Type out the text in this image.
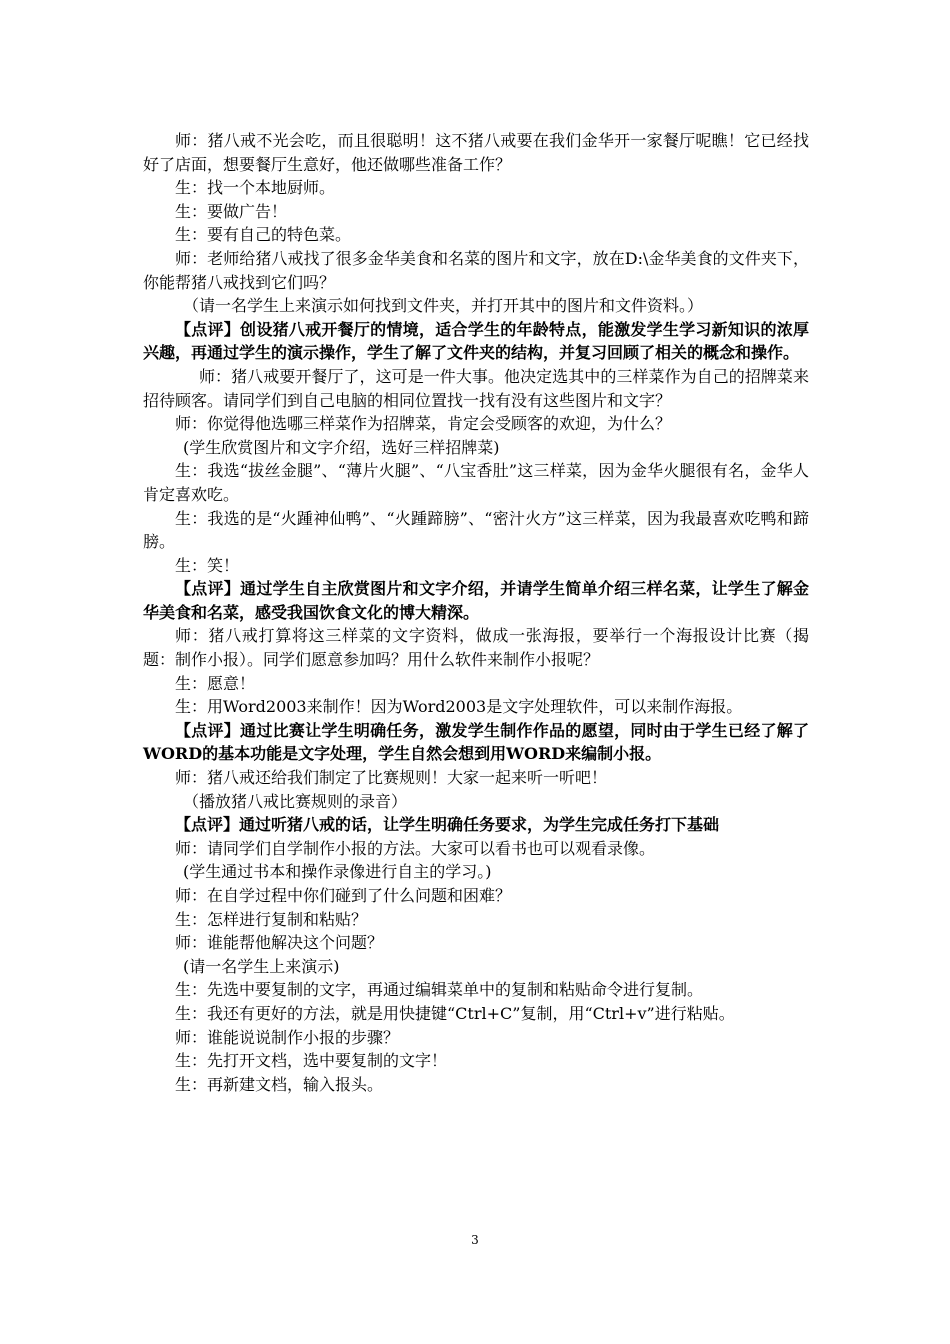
师：猪八戒不光会吃，而且很聪明！这不猪八戒要在我们金华开一家餐厅呢瞧！它已经找好了店面，想要餐厅生意好，他还做哪些准备工作？

生：找一个本地厨师。

生：要做广告！

生：要有自己的特色菜。

师：老师给猪八戒找了很多金华美食和名菜的图片和文字，放在D:\金华美食的文件夹下，你能帮猪八戒找到它们吗？

（请一名学生上来演示如何找到文件夹，并打开其中的图片和文件资料。）

【点评】创设猪八戒开餐厅的情境，适合学生的年龄特点，能激发学生学习新知识的浓厚兴趣，再通过学生的演示操作，学生了解了文件夹的结构，并复习回顾了相关的概念和操作。

师：猪八戒要开餐厅了，这可是一件大事。他决定选其中的三样菜作为自己的招牌菜来招待顾客。请同学们到自己电脑的相同位置找一找有没有这些图片和文字？

师：你觉得他选哪三样菜作为招牌菜，肯定会受顾客的欢迎，为什么？

(学生欣赏图片和文字介绍，选好三样招牌菜)

生：我选“拔丝金腿”、“薄片火腿”、“八宝香肚”这三样菜，因为金华火腿很有名，金华人肯定喜欢吃。

生：我选的是“火踵神仙鸭”、“火踵蹄膀”、“密汁火方”这三样菜，因为我最喜欢吃鸭和蹄膀。

生：笑！

【点评】通过学生自主欣赏图片和文字介绍，并请学生简单介绍三样名菜，让学生了解金华美食和名菜，感受我国饮食文化的博大精深。

师：猪八戒打算将这三样菜的文字资料，做成一张海报，要举行一个海报设计比赛（揭题：制作小报）。同学们愿意参加吗？用什么软件来制作小报呢？

生：愿意！

生：用Word2003来制作！因为Word2003是文字处理软件，可以来制作海报。

【点评】通过比赛让学生明确任务，激发学生制作作品的愿望，同时由于学生已经了解了WORD的基本功能是文字处理，学生自然会想到用WORD来编制小报。

师：猪八戒还给我们制定了比赛规则！大家一起来听一听吧！

（播放猪八戒比赛规则的录音）

【点评】通过听猪八戒的话，让学生明确任务要求，为学生完成任务打下基础

师：请同学们自学制作小报的方法。大家可以看书也可以观看录像。

(学生通过书本和操作录像进行自主的学习。)

师：在自学过程中你们碰到了什么问题和困难？

生：怎样进行复制和粘贴？

师：谁能帮他解决这个问题？

(请一名学生上来演示)

生：先选中要复制的文字，再通过编辑菜单中的复制和粘贴命令进行复制。

生：我还有更好的方法，就是用快捷键“Ctrl+C”复制，用“Ctrl+v”进行粘贴。

师：谁能说说制作小报的步骤？

生：先打开文档，选中要复制的文字！

生：再新建文档，输入报头。

3
